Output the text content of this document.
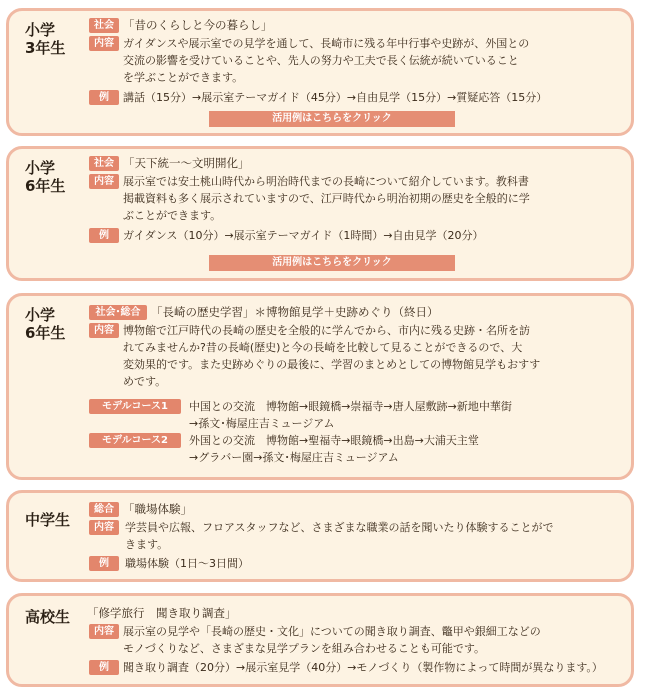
小学
3年生
社会 「昔のくらしと今の暮らし」
内容 ガイダンスや展示室での見学を通して、長崎市に残る年中行事や史跡が、外国との
交流の影響を受けていることや、先人の努力や工夫で長く伝統が続いていること
を学ぶことができます。
例	講話（15分）→展示室テーマガイド（45分）→自由見学（15分）→質疑応答（15分）
活用例はこちらをクリック
小学
6年生
社会 「天下統一～文明開化」
内容 展示室では安土桃山時代から明治時代までの長崎について紹介しています。教科書
掲載資料も多く展示されていますので、江戸時代から明治初期の歴史を全般的に学
ぶことができます。
例	ガイダンス（10分）→展示室テーマガイド（1時間）→自由見学（20分）
活用例はこちらをクリック
小学
6年生
社会･総合 「長崎の歴史学習」＊博物館見学＋史跡めぐり（終日）
内容 博物館で江戸時代の長崎の歴史を全般的に学んでから、市内に残る史跡・名所を訪
れてみませんか?昔の長崎(歴史)と今の長崎を比較して見ることができるので、大
変効果的です。また史跡めぐりの最後に、学習のまとめとしての博物館見学もおすす
めです。
モデルコース1	中国との交流　博物館→眼鏡橋→崇福寺→唐人屋敷跡→新地中華街
→孫文･梅屋庄吉ミュージアム
モデルコース2	外国との交流　博物館→聖福寺→眼鏡橋→出島→大浦天主堂
→グラバー園→孫文･梅屋庄吉ミュージアム
中学生
総合 「職場体験」
内容	学芸員や広報、フロアスタッフなど、さまざまな職業の話を聞いたり体験することがで
きます。
例	職場体験（1日～3日間）
高校生 「修学旅行　聞き取り調査」
内容 展示室の見学や「長崎の歴史・文化」についての聞き取り調査、鼈甲や銀細工などの
モノづくりなど、さまざまな見学プランを組み合わせることも可能です。
例	聞き取り調査（20分）→展示室見学（40分）→モノづくり（製作物によって時間が異なります。）
